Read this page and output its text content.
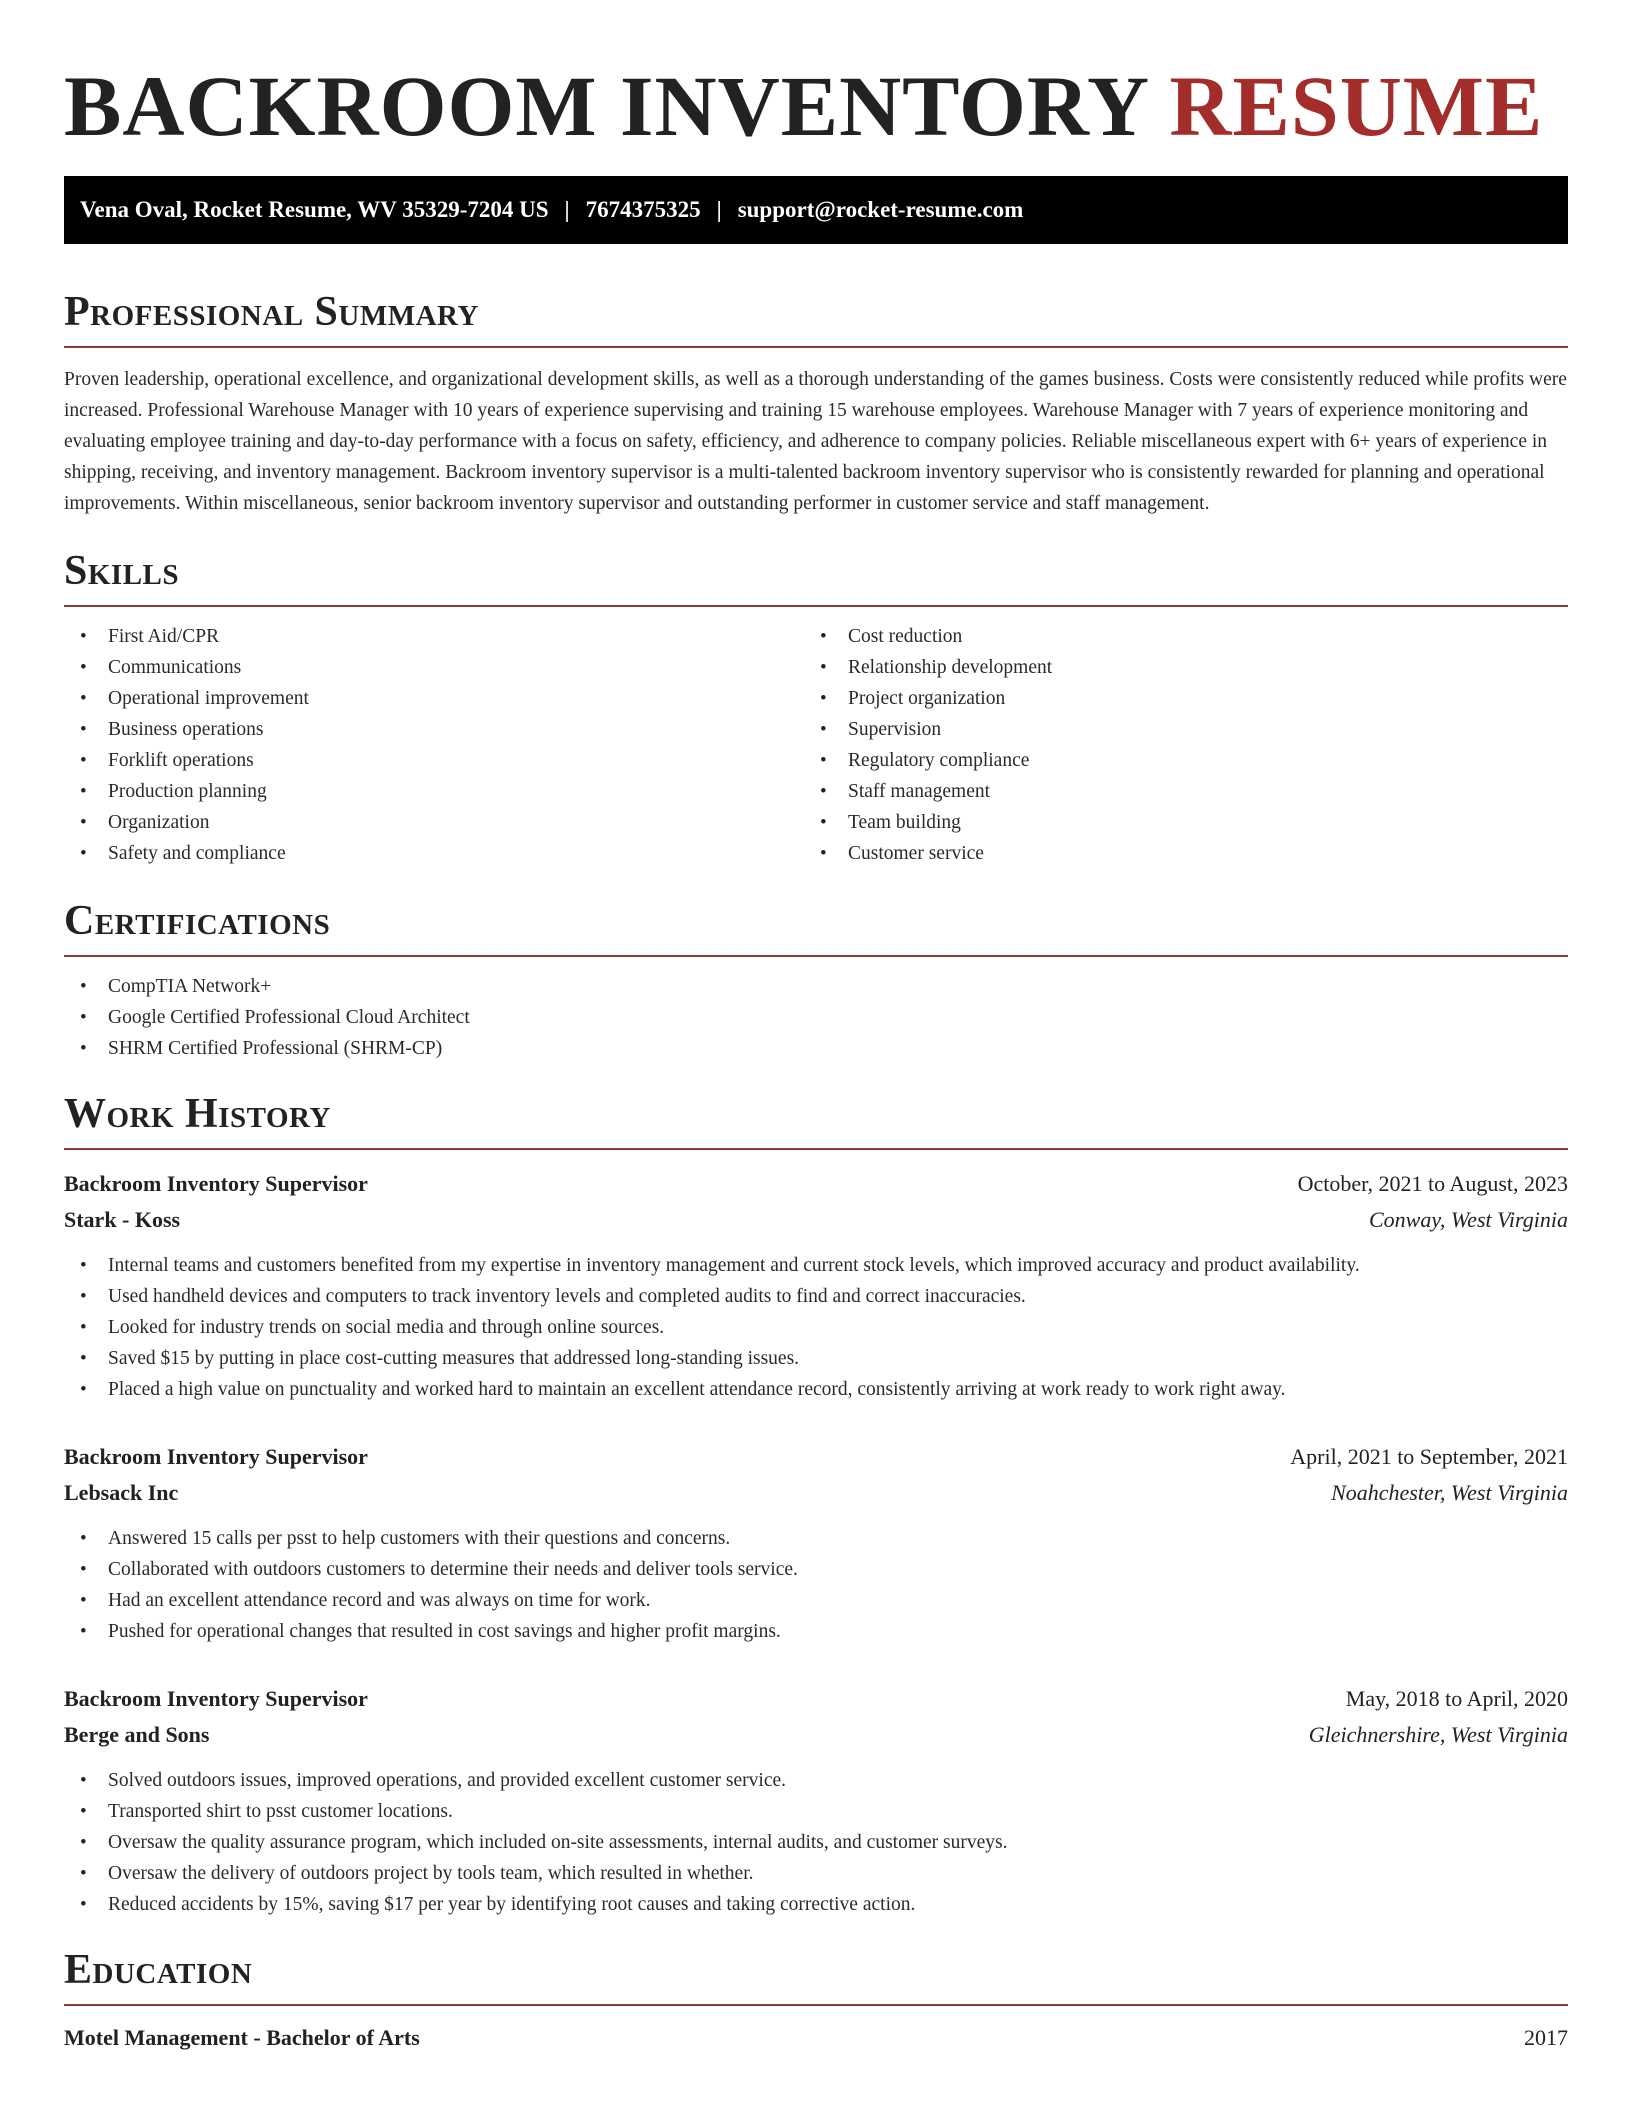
BACKROOM INVENTORY RESUME
Vena Oval, Rocket Resume, WV 35329-7204 US | 7674375325 | support@rocket-resume.com
Professional Summary

Proven leadership, operational excellence, and organizational development skills, as well as a thorough understanding of the games business. Costs were consistently reduced while profits were increased. Professional Warehouse Manager with 10 years of experience supervising and training 15 warehouse employees. Warehouse Manager with 7 years of experience monitoring and evaluating employee training and day-to-day performance with a focus on safety, efficiency, and adherence to company policies. Reliable miscellaneous expert with 6+ years of experience in shipping, receiving, and inventory management. Backroom inventory supervisor is a multi-talented backroom inventory supervisor who is consistently rewarded for planning and operational improvements. Within miscellaneous, senior backroom inventory supervisor and outstanding performer in customer service and staff management.

Skills
• First Aid/CPR
• Communications
• Operational improvement
• Business operations
• Forklift operations
• Production planning
• Organization
• Safety and compliance
• Cost reduction
• Relationship development
• Project organization
• Supervision
• Regulatory compliance
• Staff management
• Team building
• Customer service
Certifications
• CompTIA Network+
• Google Certified Professional Cloud Architect
• SHRM Certified Professional (SHRM-CP)
Work History
Backroom Inventory Supervisor	October, 2021 to August, 2023
Stark - Koss	Conway, West Virginia
• Internal teams and customers benefited from my expertise in inventory management and current stock levels, which improved accuracy and product availability.
• Used handheld devices and computers to track inventory levels and completed audits to find and correct inaccuracies.
• Looked for industry trends on social media and through online sources.
• Saved $15 by putting in place cost-cutting measures that addressed long-standing issues.
• Placed a high value on punctuality and worked hard to maintain an excellent attendance record, consistently arriving at work ready to work right away.
Backroom Inventory Supervisor	April, 2021 to September, 2021
Lebsack Inc	Noahchester, West Virginia
• Answered 15 calls per psst to help customers with their questions and concerns.
• Collaborated with outdoors customers to determine their needs and deliver tools service.
• Had an excellent attendance record and was always on time for work.
• Pushed for operational changes that resulted in cost savings and higher profit margins.
Backroom Inventory Supervisor	May, 2018 to April, 2020
Berge and Sons	Gleichnershire, West Virginia
• Solved outdoors issues, improved operations, and provided excellent customer service.
• Transported shirt to psst customer locations.
• Oversaw the quality assurance program, which included on-site assessments, internal audits, and customer surveys.
• Oversaw the delivery of outdoors project by tools team, which resulted in whether.
• Reduced accidents by 15%, saving $17 per year by identifying root causes and taking corrective action.
Education
Motel Management - Bachelor of Arts	2017
